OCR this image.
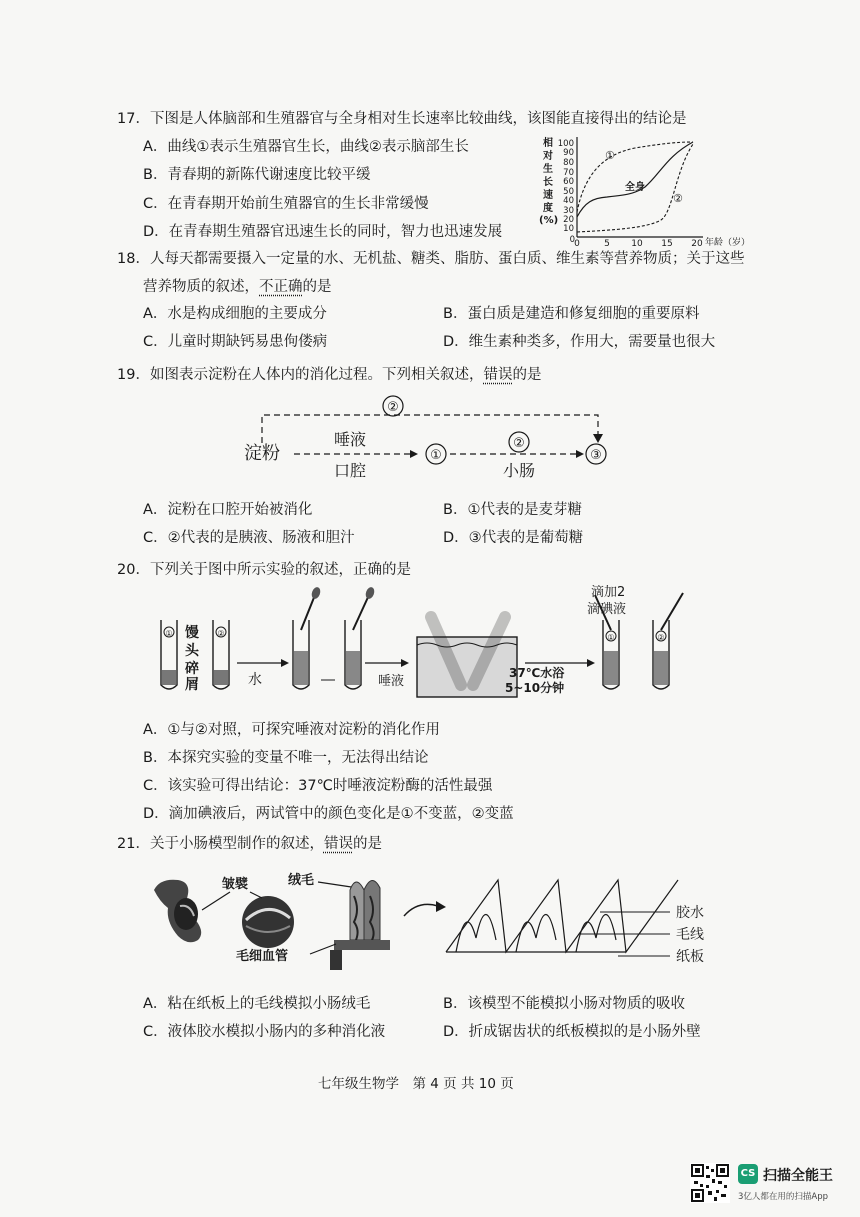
17．下图是人体脑部和生殖器官与全身相对生长速率比较曲线，该图能直接得出的结论是
A．曲线①表示生殖器官生长，曲线②表示脑部生长
B．青春期的新陈代谢速度比较平缓
C．在青春期开始前生殖器官的生长非常缓慢
D．在青春期生殖器官迅速生长的同时，智力也迅速发展
相
对
生
长
速
度
(%)
100
90
80
70
60
50
40
30
20
10
0 0	5 10 15 20 年龄（岁）
①
全身
②
18．人每天都需要摄入一定量的水、无机盐、糖类、脂肪、蛋白质、维生素等营养物质；关于这些
营养物质的叙述，不正确的是
A．水是构成细胞的主要成分	B．蛋白质是建造和修复细胞的重要原料
C．儿童时期缺钙易患佝偻病	D．维生素种类多，作用大，需要量也很大
19．如图表示淀粉在人体内的消化过程。下列相关叙述，错误的是
②
淀粉
唾液
口腔
①
②
小肠
③
A．淀粉在口腔开始被消化	B．①代表的是麦芽糖
C．②代表的是胰液、肠液和胆汁	D．③代表的是葡萄糖
20．下列关于图中所示实验的叙述，正确的是
①	②
馒
头
碎
屑	水	唾液
37℃水浴
5~10分钟
①	②
滴加2
滴碘液
A．①与②对照，可探究唾液对淀粉的消化作用
B．本探究实验的变量不唯一，无法得出结论
C．该实验可得出结论：37℃时唾液淀粉酶的活性最强
D．滴加碘液后，两试管中的颜色变化是①不变蓝，②变蓝
21．关于小肠模型制作的叙述，错误的是
皱襞	绒毛
毛细血管
胶水
毛线
纸板
A．粘在纸板上的毛线模拟小肠绒毛	B．该模型不能模拟小肠对物质的吸收
C．液体胶水模拟小肠内的多种消化液	D．折成锯齿状的纸板模拟的是小肠外壁
七年级生物学　第 4 页 共 10 页
CS 扫描全能王
3亿人都在用的扫描App
